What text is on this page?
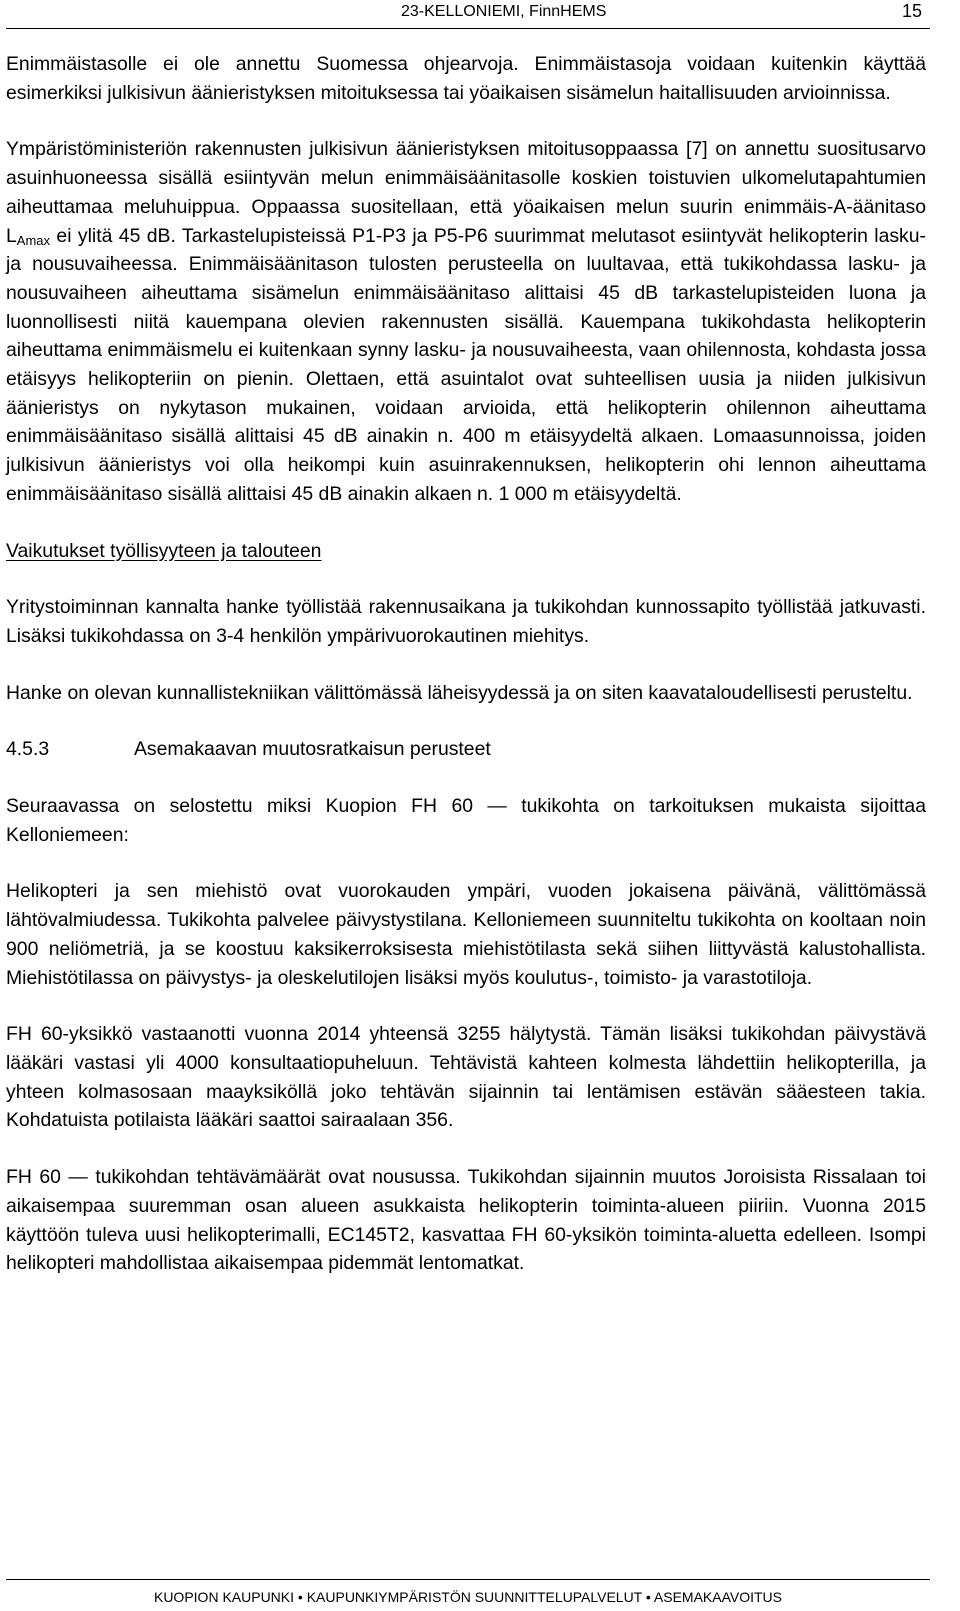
23-KELLONIEMI, FinnHEMS	15

Enimmäistasolle ei ole annettu Suomessa ohjearvoja. Enimmäistasoja voidaan kuitenkin käyttää esimerkiksi julkisivun äänieristyksen mitoituksessa tai yöaikaisen sisämelun haitallisuuden arvioinnissa.

Ympäristöministeriön rakennusten julkisivun äänieristyksen mitoitusoppaassa [7] on annettu suositusarvo asuinhuoneessa sisällä esiintyvän melun enimmäisäänitasolle koskien toistuvien ulkomelutapahtumien aiheuttamaa meluhuippua. Oppaassa suositellaan, että yöaikaisen melun suurin enimmäis-A-äänitaso $L_{Amax}$ ei ylitä 45 dB. Tarkastelupisteissä P1-P3 ja P5-P6 suurimmat melutasot esiintyvät helikopterin lasku- ja nousuvaiheessa. Enimmäisäänitason tulosten perusteella on luultavaa, että tukikohdassa lasku- ja nousuvaiheen aiheuttama sisämelun enimmäisäänitaso alittaisi 45 dB tarkastelupisteiden luona ja luonnollisesti niitä kauempana olevien rakennusten sisällä. Kauempana tukikohdasta helikopterin aiheuttama enimmäismelu ei kuitenkaan synny lasku- ja nousuvaiheesta, vaan ohilennosta, kohdasta jossa etäisyys helikopteriin on pienin. Olettaen, että asuintalot ovat suhteellisen uusia ja niiden julkisivun äänieristys on nykytason mukainen, voidaan arvioida, että helikopterin ohilennon aiheuttama enimmäisäänitaso sisällä alittaisi 45 dB ainakin n. 400 m etäisyydeltä alkaen. Lomaasunnoissa, joiden julkisivun äänieristys voi olla heikompi kuin asuinrakennuksen, helikopterin ohi lennon aiheuttama enimmäisäänitaso sisällä alittaisi 45 dB ainakin alkaen n. 1 000 m etäisyydeltä.

Vaikutukset työllisyyteen ja talouteen

Yritystoiminnan kannalta hanke työllistää rakennusaikana ja tukikohdan kunnossapito työllistää jatkuvasti. Lisäksi tukikohdassa on 3-4 henkilön ympärivuorokautinen miehitys.

Hanke on olevan kunnallistekniikan välittömässä läheisyydessä ja on siten kaavataloudellisesti perusteltu.

4.5.3	Asemakaavan muutosratkaisun perusteet

Seuraavassa on selostettu miksi Kuopion FH 60 — tukikohta on tarkoituksen mukaista sijoittaa Kelloniemeen:

Helikopteri ja sen miehistö ovat vuorokauden ympäri, vuoden jokaisena päivänä, välittömässä lähtövalmiudessa. Tukikohta palvelee päivystystilana. Kelloniemeen suunniteltu tukikohta on kooltaan noin 900 neliömetriä, ja se koostuu kaksikerroksisesta miehistötilasta sekä siihen liittyvästä kalustohallista. Miehistötilassa on päivystys- ja oleskelutilojen lisäksi myös koulutus-, toimisto- ja varastotiloja.

FH 60-yksikkö vastaanotti vuonna 2014 yhteensä 3255 hälytystä. Tämän lisäksi tukikohdan päivystävä lääkäri vastasi yli 4000 konsultaatiopuheluun. Tehtävistä kahteen kolmesta lähdettiin helikopterilla, ja yhteen kolmasosaan maayksiköllä joko tehtävän sijainnin tai lentämisen estävän sääesteen takia. Kohdatuista potilaista lääkäri saattoi sairaalaan 356.

FH 60 — tukikohdan tehtävämäärät ovat nousussa. Tukikohdan sijainnin muutos Joroisista Rissalaan toi aikaisempaa suuremman osan alueen asukkaista helikopterin toiminta-alueen piiriin. Vuonna 2015 käyttöön tuleva uusi helikopterimalli, EC145T2, kasvattaa FH 60-yksikön toiminta-aluetta edelleen. Isompi helikopteri mahdollistaa aikaisempaa pidemmät lentomatkat.

KUOPION KAUPUNKI • KAUPUNKIYMPÄRISTÖN SUUNNITTELUPALVELUT • ASEMAKAAVOITUS
